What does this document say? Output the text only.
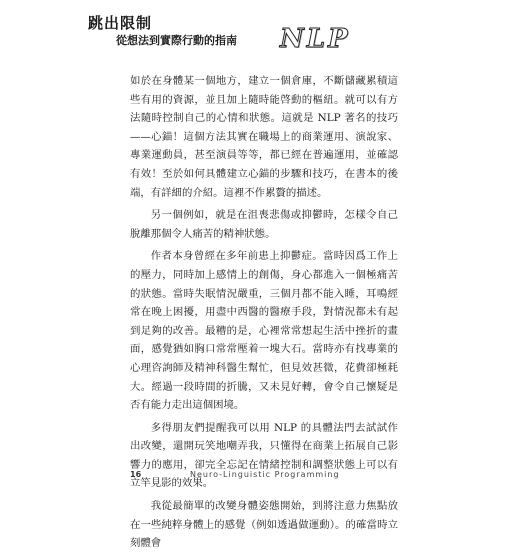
跳出限制
從想法到實際行動的指南 NLP

如於在身體某一個地方，建立一個倉庫，不斷儲藏累積這些有用的資源，並且加上隨時能啓動的樞紐。就可以有方法隨時控制自己的心情和狀態。這就是 NLP 著名的技巧——心錨！這個方法其實在職場上的商業運用、演說家、專業運動員，甚至演員等等，都已經在普遍運用，並確認有效！至於如何具體建立心錨的步驟和技巧，在書本的後端，有詳細的介紹。這裡不作累贅的描述。

另一個例如，就是在沮喪悲傷或抑鬱時，怎樣令自己脫離那個令人痛苦的精神狀態。

作者本身曾經在多年前患上抑鬱症。當時因爲工作上的壓力，同時加上感情上的創傷，身心都進入一個極痛苦的狀態。當時失眠情況嚴重，三個月都不能入睡，耳鳴經常在晚上困擾，用盡中西醫的醫療手段，對情況都未有起到足夠的改善。最糟的是，心裡常常想起生活中挫折的畫面，感覺猶如胸口常常壓着一塊大石。當時亦有找專業的心理咨詢師及精神科醫生幫忙，但見效甚微，花費卻極耗大。經過一段時間的折騰，又未見好轉，會令自己懷疑是否有能力走出這個困境。

多得朋友們提醒我可以用 NLP 的具體法門去試試作出改變，還開玩笑地嘲弄我，只懂得在商業上拓展自己影響力的應用，卻完全忘記在情緒控制和調整狀態上可以有立竿見影的效果。

我從最簡單的改變身體姿態開始，到將注意力焦點放在一些純粹身體上的感覺（例如透過做運動）。的確當時立刻體會

16	Neuro-Linguistic Programming
